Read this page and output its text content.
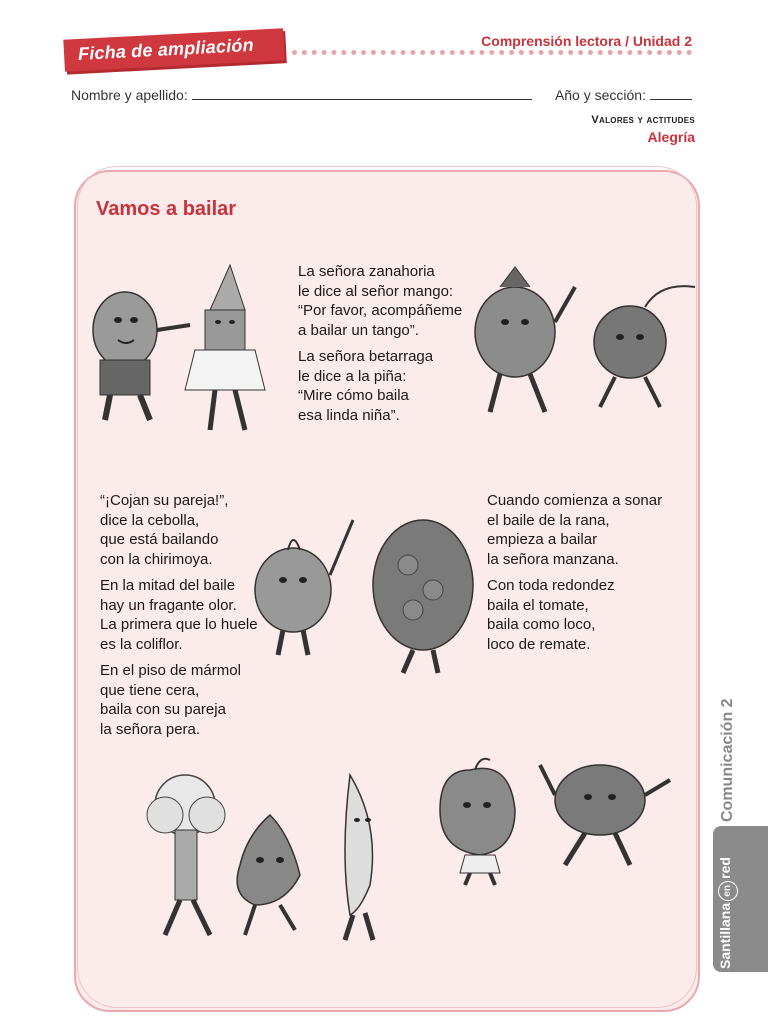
Ficha de ampliación	Comprensión lectora / Unidad 2
Nombre y apellido:	Año y sección:
Valores y actitudes
Alegría
Vamos a bailar

La señora zanahoria
le dice al señor mango:
“Por favor, acompáñeme
a bailar un tango”.

La señora betarraga
le dice a la piña:
“Mire cómo baila
esa linda niña”.

“¡Cojan su pareja!”,
dice la cebolla,
que está bailando
con la chirimoya.

En la mitad del baile
hay un fragante olor.
La primera que lo huele
es la coliflor.

En el piso de mármol
que tiene cera,
baila con su pareja
la señora pera.

Cuando comienza a sonar
el baile de la rana,
empieza a bailar
la señora manzana.

Con toda redondez
baila el tomate,
baila como loco,
loco de remate.

Comunicación 2
Santillanaenred
